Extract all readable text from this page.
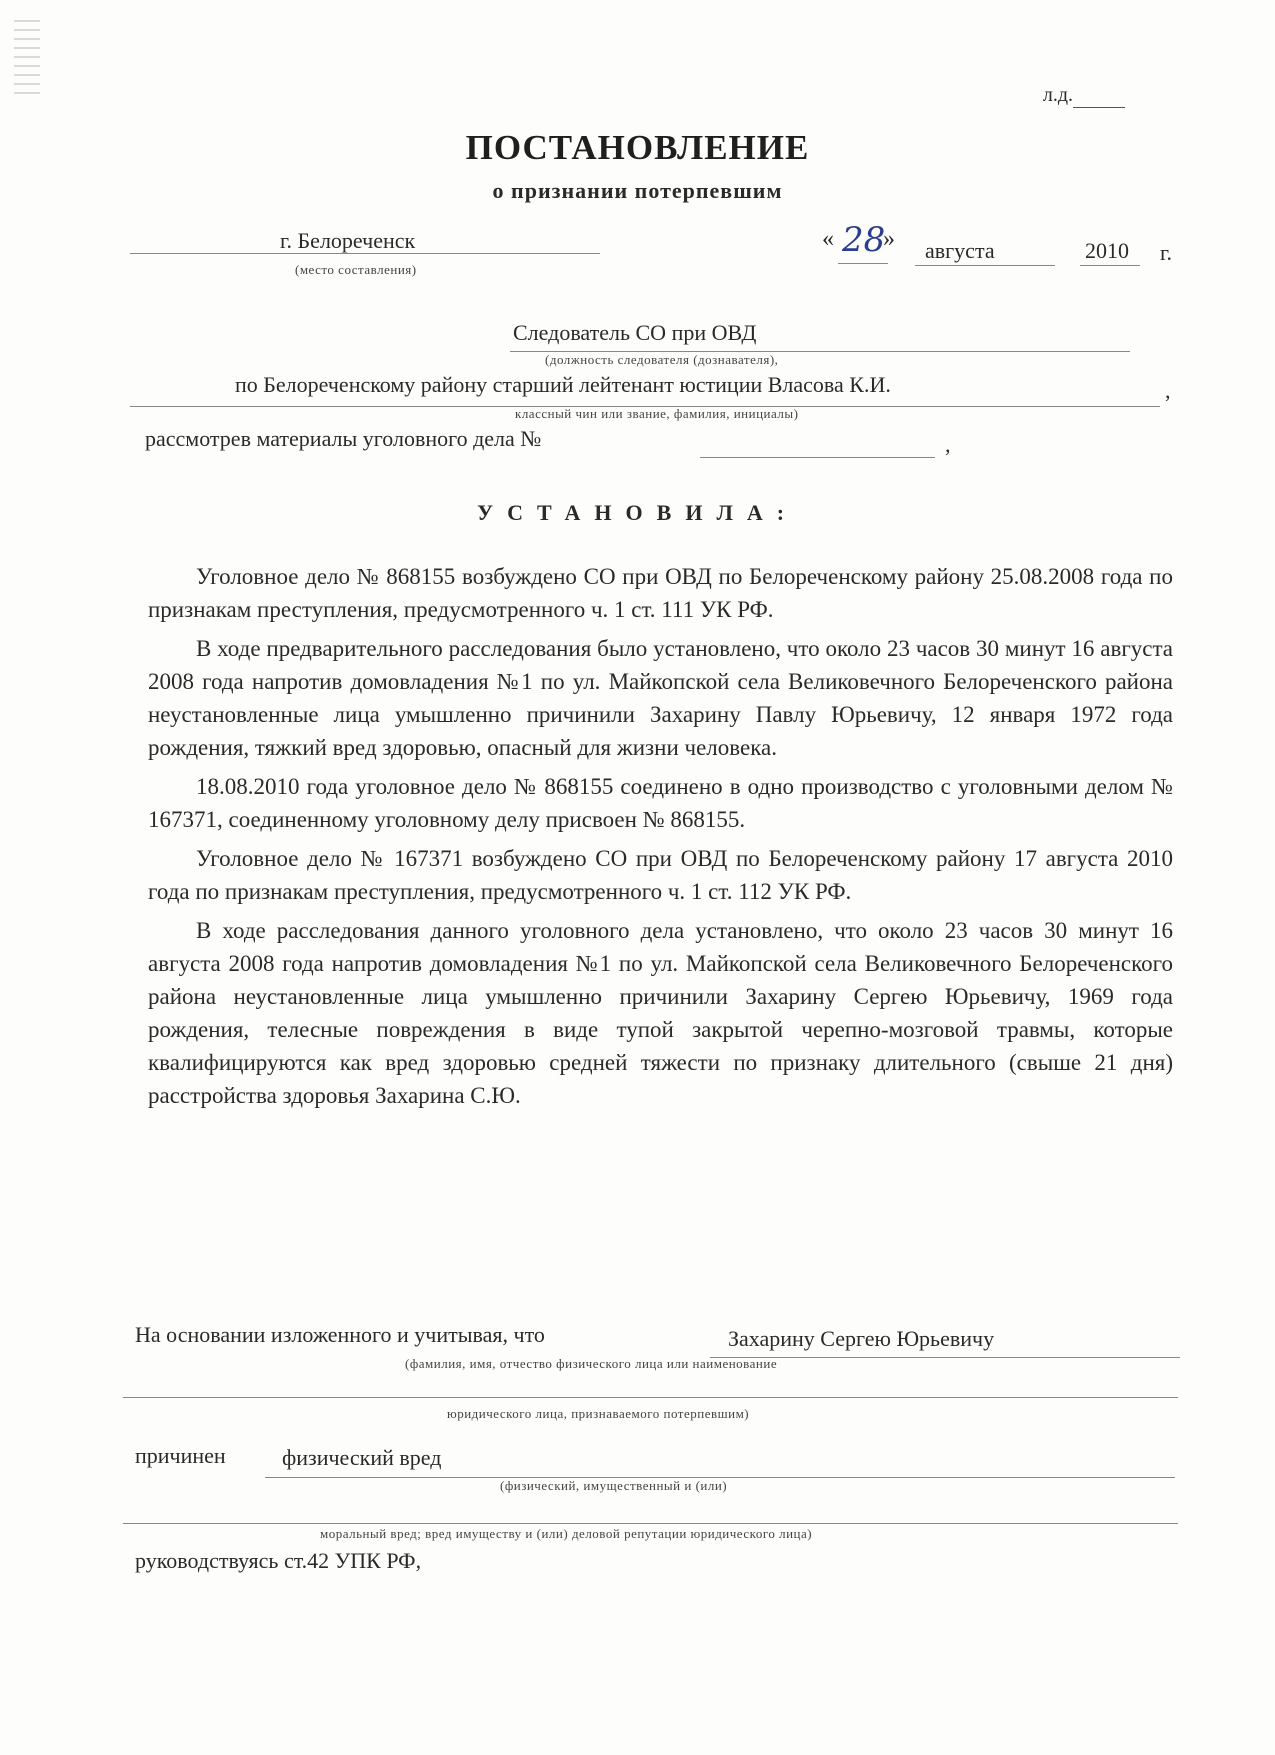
л.д.
ПОСТАНОВЛЕНИЕ
о признании потерпевшим
г. Белореченск
(место составления)
« 28
» августа	2010 г.
Следователь СО при ОВД
(должность следователя (дознавателя),
по Белореченскому району старший лейтенант юстиции Власова К.И.	,
классный чин или звание, фамилия, инициалы)
рассмотрев материалы уголовного дела №	,
УСТАНОВИЛА:

Уголовное дело № 868155 возбуждено СО при ОВД по Белореченскому району 25.08.2008 года по признакам преступления, предусмотренного ч. 1 ст. 111 УК РФ.

В ходе предварительного расследования было установлено, что около 23 часов 30 минут 16 августа 2008 года напротив домовладения №1 по ул. Майкопской села Великовечного Белореченского района неустановленные лица умышленно причинили Захарину Павлу Юрьевичу, 12 января 1972 года рождения, тяжкий вред здоровью, опасный для жизни человека.

18.08.2010 года уголовное дело № 868155 соединено в одно производство с уголовными делом № 167371, соединенному уголовному делу присвоен № 868155.

Уголовное дело № 167371 возбуждено СО при ОВД по Белореченскому району 17 августа 2010 года по признакам преступления, предусмотренного ч. 1 ст. 112 УК РФ.

В ходе расследования данного уголовного дела установлено, что около 23 часов 30 минут 16 августа 2008 года напротив домовладения №1 по ул. Майкопской села Великовечного Белореченского района неустановленные лица умышленно причинили Захарину Сергею Юрьевичу, 1969 года рождения, телесные повреждения в виде тупой закрытой черепно-мозговой травмы, которые квалифицируются как вред здоровью средней тяжести по признаку длительного (свыше 21 дня) расстройства здоровья Захарина С.Ю.

На основании изложенного и учитывая, что	Захарину Сергею Юрьевичу
(фамилия, имя, отчество физического лица или наименование
юридического лица, признаваемого потерпевшим)
причинен	физический вред
(физический, имущественный и (или)
моральный вред; вред имуществу и (или) деловой репутации юридического лица)
руководствуясь ст.42 УПК РФ,
